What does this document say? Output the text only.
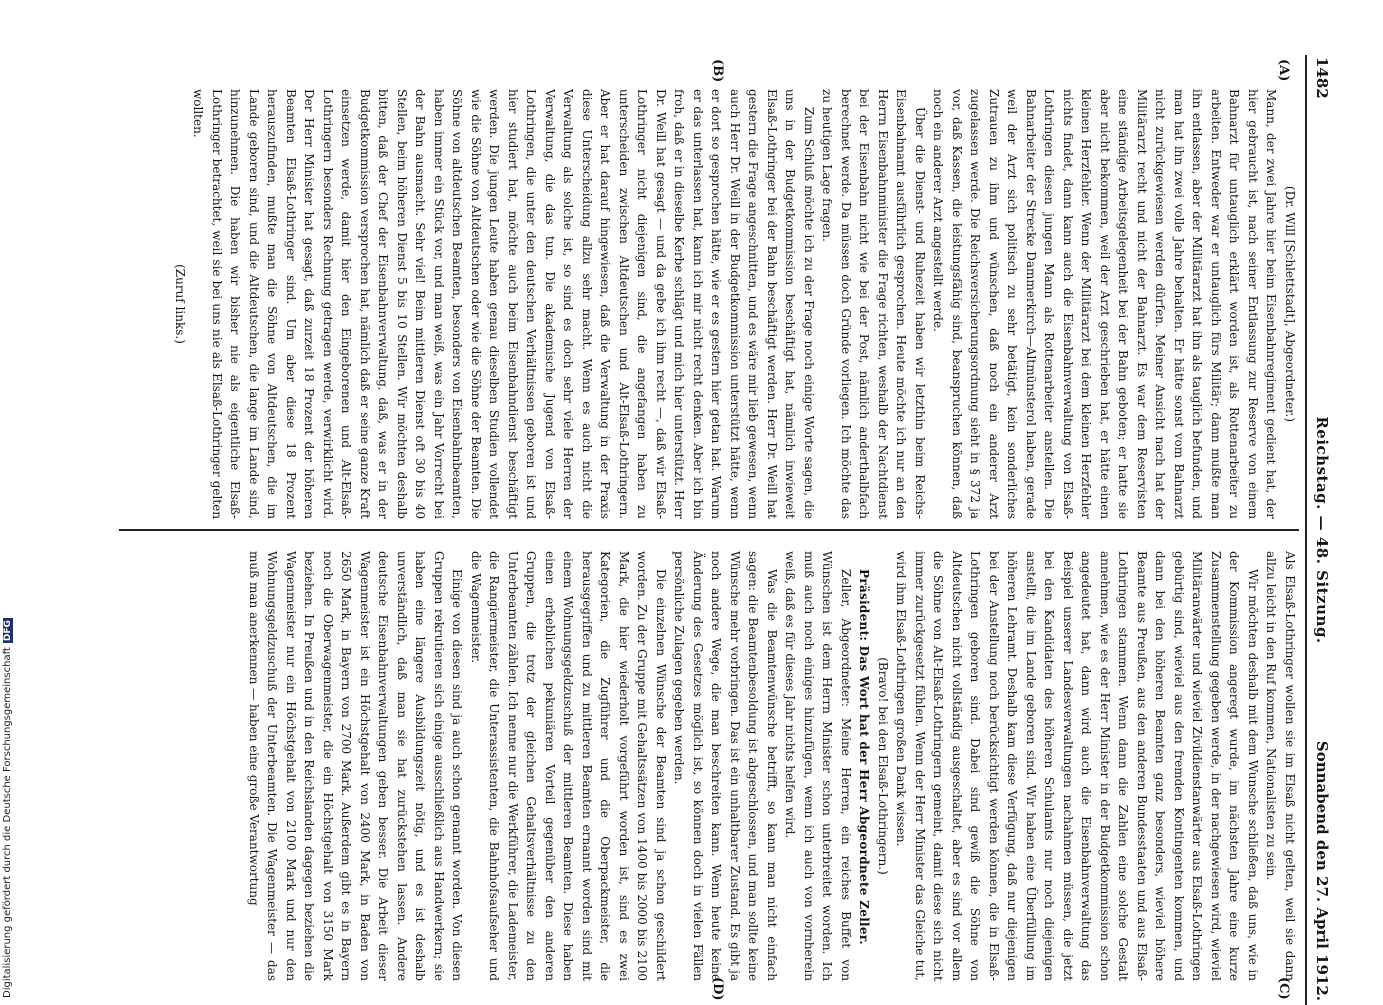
1482
Reichstag. — 48. Sitzung.
Sonnabend den 27. April 1912.
(A)
(B)
(C)
(D)

(Dr. Will [Schlettstadt], Abgeordneter.)

Mann, der zwei Jahre hier beim Eisenbahnregiment gedient hat, der hier gebraucht ist, nach seiner Entlassung zur Reserve von einem Bahnarzt für untauglich erklärt worden ist, als Rottenarbeiter zu arbeiten. Entweder war er untauglich fürs Militär; dann mußte man ihn entlassen, aber der Militärarzt hat ihn als tauglich befunden, und man hat ihn zwei volle Jahre behalten. Er hätte sonst vom Bahnarzt nicht zurückgewiesen werden dürfen. Meiner Ansicht nach hat der Militärarzt recht und nicht der Bahnarzt. Es war dem Reservisten eine ständige Arbeitsgelegenheit bei der Bahn geboten; er hatte sie aber nicht bekommen, weil der Arzt geschrieben hat, er hätte einen kleinen Herzfehler. Wenn der Militärarzt bei dem kleinen Herzfehler nichts findet, dann kann auch die Eisenbahnverwaltung von Elsaß-Lothringen diesen jungen Mann als Rottenarbeiter anstellen. Die Bahnarbeiter der Strecke Dammerkirch—Altmünsterol haben, gerade weil der Arzt sich politisch zu sehr betätigt, kein sonderliches Zutrauen zu ihm und wünschen, daß noch ein anderer Arzt zugelassen werde. Die Reichsversicherungsordnung sieht in § 372 ja vor, daß Kassen, die leistungsfähig sind, beanspruchen können, daß noch ein anderer Arzt angestellt werde.

Über die Dienst- und Ruhezeit haben wir letzthin beim Reichs-Eisenbahnamt ausführlich gesprochen. Heute möchte ich nur an den Herrn Eisenbahnminister die Frage richten, weshalb der Nachtdienst bei der Eisenbahn nicht wie bei der Post, nämlich anderthalbfach berechnet werde. Da müssen doch Gründe vorliegen. Ich möchte das zu heutigen Lage fragen.

Zum Schluß möchte ich zu der Frage noch einige Worte sagen, die uns in der Budgetkommission beschäftigt hat, nämlich inwieweit Elsaß-Lothringer bei der Bahn beschäftigt werden. Herr Dr. Weill hat gestern die Frage angeschnitten, und es wäre mir lieb gewesen, wenn auch Herr Dr. Weill in der Budgetkommission unterstützt hätte, wenn er dort so gesprochen hätte, wie er es gestern hier getan hat. Warum er das unterlassen hat, kann ich mir nicht recht denken. Aber ich bin froh, daß er in dieselbe Kerbe schlägt und mich hier unterstützt. Herr Dr. Weill hat gesagt — und da gebe ich ihm recht —, daß wir Elsaß-Lothringer nicht diejenigen sind, die angefangen haben zu unterscheiden zwischen Altdeutschen und Alt-Elsaß-Lothringern. Aber er hat darauf hingewiesen, daß die Verwaltung in der Praxis diese Unterscheidung allzu sehr macht. Wenn es auch nicht die Verwaltung als solche ist, so sind es doch sehr viele Herren der Verwaltung, die das tun. Die akademische Jugend von Elsaß-Lothringen, die unter den deutschen Verhältnissen geboren ist und hier studiert hat, möchte auch beim Eisenbahndienst beschäftigt werden. Die jungen Leute haben genau dieselben Studien vollendet wie die Söhne von Altdeutschen oder wie die Söhne der Beamten. Die Söhne von altdeutschen Beamten, besonders von Eisenbahnbeamten, haben immer ein Stück vor, und man weiß, was ein Jahr Vorrecht bei der Bahn ausmacht. Sehr viel! Beim mittleren Dienst oft 30 bis 40 Stellen, beim höheren Dienst 5 bis 10 Stellen. Wir möchten deshalb bitten, daß der Chef der Eisenbahnverwaltung, daß, was er in der Budgetkommission versprochen hat, nämlich daß er seine ganze Kraft einsetzen werde, damit hier den Eingeborenen und Alt-Elsaß-Lothringern besonders Rechnung getragen werde, verwirklicht wird. Der Herr Minister hat gesagt, daß zurzeit 18 Prozent der höheren Beamten Elsaß-Lothringer sind. Um aber diese 18 Prozent herauszufinden, mußte man die Söhne von Altdeutschen, die im Lande geboren sind, und die Altdeutschen, die lange im Lande sind, hinzunehmen. Die haben wir bisher nie als eigentliche Elsaß-Lothringer betrachtet, weil sie bei uns nie als Elsaß-Lothringer gelten wollten.

(Zuruf links.)

Als Elsaß-Lothringer wollen sie im Elsaß nicht gelten, weil sie dann allzu leicht in den Ruf kommen, Nationalisten zu sein.

Wir möchten deshalb mit dem Wunsche schließen, daß uns, wie in der Kommission angeregt wurde, im nächsten Jahre eine kurze Zusammenstellung gegeben werde, in der nachgewiesen wird, wieviel Militäranwärter und wieviel Zivildienstanwärter aus Elsaß-Lothringen gebürtig sind, wieviel aus den fremden Kontingenten kommen, und dann bei den höheren Beamten ganz besonders, wieviel höhere Beamte aus Preußen, aus den anderen Bundesstaaten und aus Elsaß-Lothringen stammen. Wenn dann die Zahlen eine solche Gestalt annehmen, wie es der Herr Minister in der Budgetkommission schon angedeutet hat, dann wird auch die Eisenbahnverwaltung das Beispiel unserer Landesverwaltungen nachahmen müssen, die jetzt bei den Kandidaten des höheren Schulamts nur noch diejenigen anstellt, die im Lande geboren sind. Wir haben eine Überfüllung im höheren Lehramt. Deshalb kam diese Verfügung, daß nur diejenigen bei der Anstellung noch berücksichtigt werden können, die in Elsaß-Lothringen geboren sind. Dabei sind gewiß die Söhne von Altdeutschen nicht vollständig ausgeschaltet, aber es sind vor allem die Söhne von Alt-Elsaß-Lothringern gemeint, damit diese sich nicht immer zurückgesetzt fühlen. Wenn der Herr Minister das Gleiche tut, wird ihm Elsaß-Lothringen großen Dank wissen.

(Bravo! bei den Elsaß-Lothringern.)

Präsident: Das Wort hat der Herr Abgeordnete Zeller.

Zeller, Abgeordneter: Meine Herren, ein reiches Buffet von Wünschen ist dem Herrn Minister schon unterbreitet worden. Ich muß auch noch einiges hinzufügen, wenn ich auch von vornherein weiß, daß es für dieses Jahr nichts helfen wird.

Was die Beamtenwünsche betrifft, so kann man nicht einfach sagen: die Beamtenbesoldung ist abgeschlossen, und man sollte keine Wünsche mehr vorbringen. Das ist ein unhaltbarer Zustand. Es gibt ja noch andere Wege, die man beschreiten kann. Wenn heute keine Änderung des Gesetzes möglich ist, so können doch in vielen Fällen persönliche Zulagen gegeben werden.

Die einzelnen Wünsche der Beamten sind ja schon geschildert worden. Zu der Gruppe mit Gehaltssätzen von 1400 bis 2000 bis 2100 Mark, die hier wiederholt vorgeführt worden ist, sind es zwei Kategorien, die Zugführer und die Oberpackmeister, die herausgegriffen und zu mittleren Beamten ernannt worden sind mit einem Wohnungsgeldzuschuß der mittleren Beamten. Diese haben einen erheblichen pekuniären Vorteil gegenüber den anderen Gruppen, die trotz der gleichen Gehaltsverhältnisse zu den Unterbeamten zählen. Ich nenne nur die Werkführer, die Lademeister, die Rangiermeister, die Unterassistenten, die Bahnhofsaufseher und die Wagenmeister.

Einige von diesen sind ja auch schon genannt worden. Von diesen Gruppen rekrutieren sich einige ausschließlich aus Handwerkern; sie haben eine längere Ausbildungszeit nötig, und es ist deshalb unverständlich, daß man sie hat zurückstehen lassen. Andere deutsche Eisenbahnverwaltungen geben besser. Die Arbeit dieser Wagenmeister ist ein Höchstgehalt von 2400 Mark, in Baden von 2650 Mark, in Bayern von 2700 Mark. Außerdem gibt es in Bayern noch die Oberwagenmeister, die ein Höchstgehalt von 3150 Mark beziehen. In Preußen und in den Reichslanden dagegen beziehen die Wagenmeister nur ein Höchstgehalt von 2100 Mark und nur den Wohnungsgeldzuschuß der Unterbeamten. Die Wagenmeister — das muß man anerkennen — haben eine große Verantwortung

Digitalisierung gefördert durch die Deutsche ForschungsgemeinschaftDFG
